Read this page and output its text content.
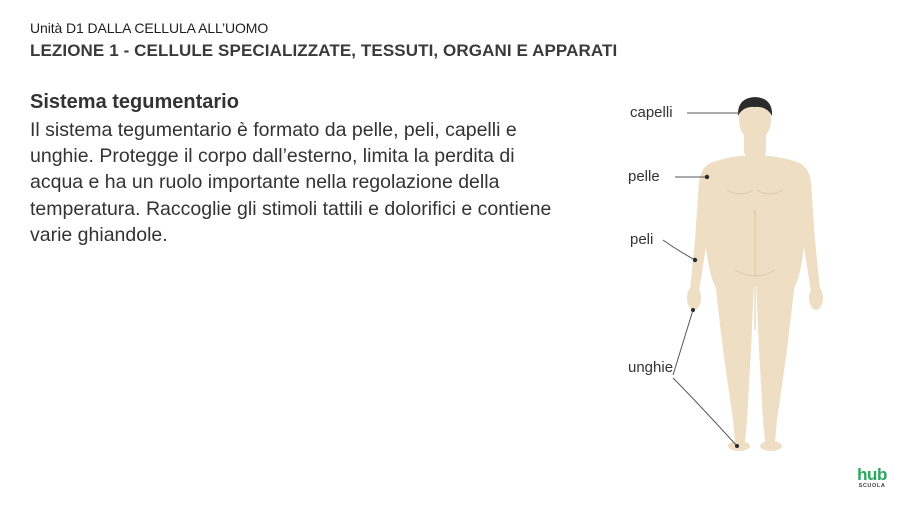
Unità D1 DALLA CELLULA ALL’UOMO
LEZIONE 1 - CELLULE SPECIALIZZATE, TESSUTI, ORGANI E APPARATI
Sistema tegumentario
Il sistema tegumentario è formato da pelle, peli, capelli e unghie. Protegge il corpo dall’esterno, limita la perdita di acqua e ha un ruolo importante nella regolazione della temperatura. Raccoglie gli stimoli tattili e dolorifici e contiene varie ghiandole.
capelli
pelle
peli
unghie
hub
SCUOLA
